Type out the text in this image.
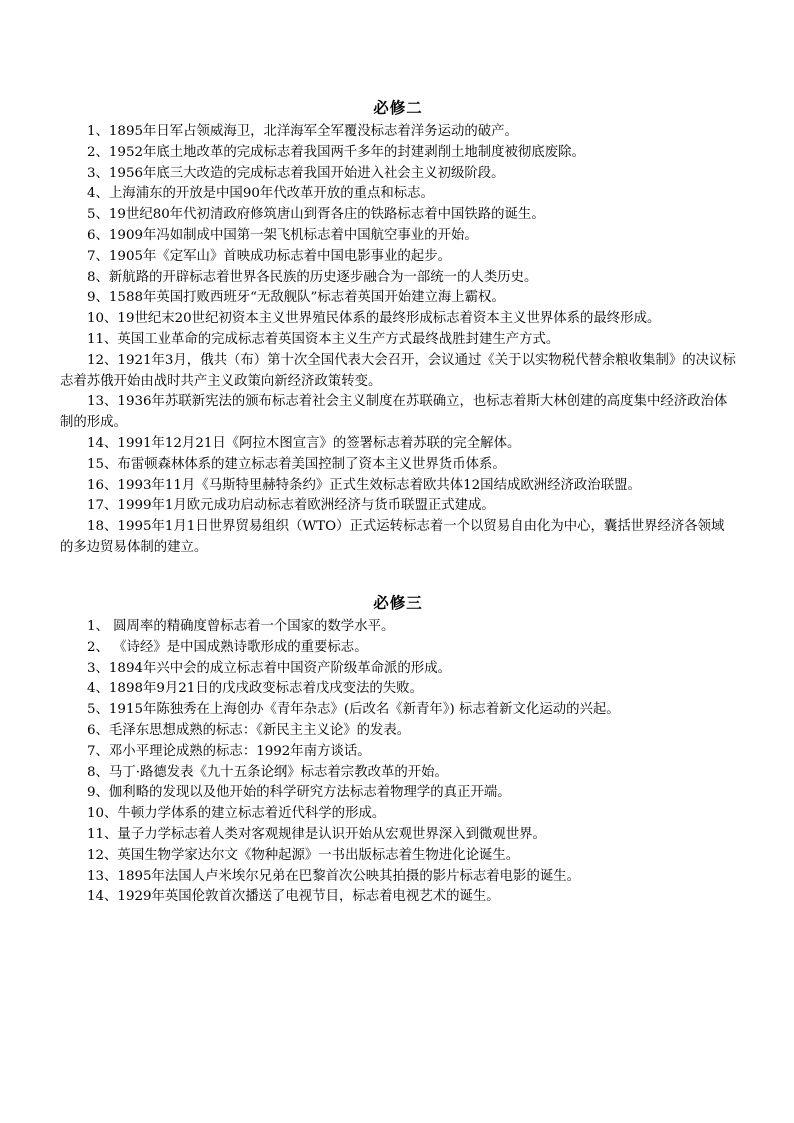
必修二

1、1895年日军占领威海卫，北洋海军全军覆没标志着洋务运动的破产。

2、1952年底土地改革的完成标志着我国两千多年的封建剥削土地制度被彻底废除。

3、1956年底三大改造的完成标志着我国开始进入社会主义初级阶段。

4、上海浦东的开放是中国90年代改革开放的重点和标志。

5、19世纪80年代初清政府修筑唐山到胥各庄的铁路标志着中国铁路的诞生。

6、1909年冯如制成中国第一架飞机标志着中国航空事业的开始。

7、1905年《定军山》首映成功标志着中国电影事业的起步。

8、新航路的开辟标志着世界各民族的历史逐步融合为一部统一的人类历史。

9、1588年英国打败西班牙“无敌舰队”标志着英国开始建立海上霸权。

10、19世纪末20世纪初资本主义世界殖民体系的最终形成标志着资本主义世界体系的最终形成。

11、英国工业革命的完成标志着英国资本主义生产方式最终战胜封建生产方式。

12、1921年3月，俄共（布）第十次全国代表大会召开，会议通过《关于以实物税代替余粮收集制》的决议标志着苏俄开始由战时共产主义政策向新经济政策转变。

13、1936年苏联新宪法的颁布标志着社会主义制度在苏联确立，也标志着斯大林创建的高度集中经济政治体制的形成。

14、1991年12月21日《阿拉木图宣言》的签署标志着苏联的完全解体。

15、布雷顿森林体系的建立标志着美国控制了资本主义世界货币体系。

16、1993年11月《马斯特里赫特条约》正式生效标志着欧共体12国结成欧洲经济政治联盟。

17、1999年1月欧元成功启动标志着欧洲经济与货币联盟正式建成。

18、1995年1月1日世界贸易组织（WTO）正式运转标志着一个以贸易自由化为中心，囊括世界经济各领域的多边贸易体制的建立。

必修三

1、 圆周率的精确度曾标志着一个国家的数学水平。

2、 《诗经》是中国成熟诗歌形成的重要标志。

3、1894年兴中会的成立标志着中国资产阶级革命派的形成。

4、1898年9月21日的戊戌政变标志着戊戌变法的失败。

5、1915年陈独秀在上海创办《青年杂志》(后改名《新青年》) 标志着新文化运动的兴起。

6、毛泽东思想成熟的标志：《新民主主义论》的发表。

7、邓小平理论成熟的标志：1992年南方谈话。

8、马丁·路德发表《九十五条论纲》标志着宗教改革的开始。

9、伽利略的发现以及他开始的科学研究方法标志着物理学的真正开端。

10、牛顿力学体系的建立标志着近代科学的形成。

11、量子力学标志着人类对客观规律是认识开始从宏观世界深入到微观世界。

12、英国生物学家达尔文《物种起源》一书出版标志着生物进化论诞生。

13、1895年法国人卢米埃尔兄弟在巴黎首次公映其拍摄的影片标志着电影的诞生。

14、1929年英国伦敦首次播送了电视节目，标志着电视艺术的诞生。
